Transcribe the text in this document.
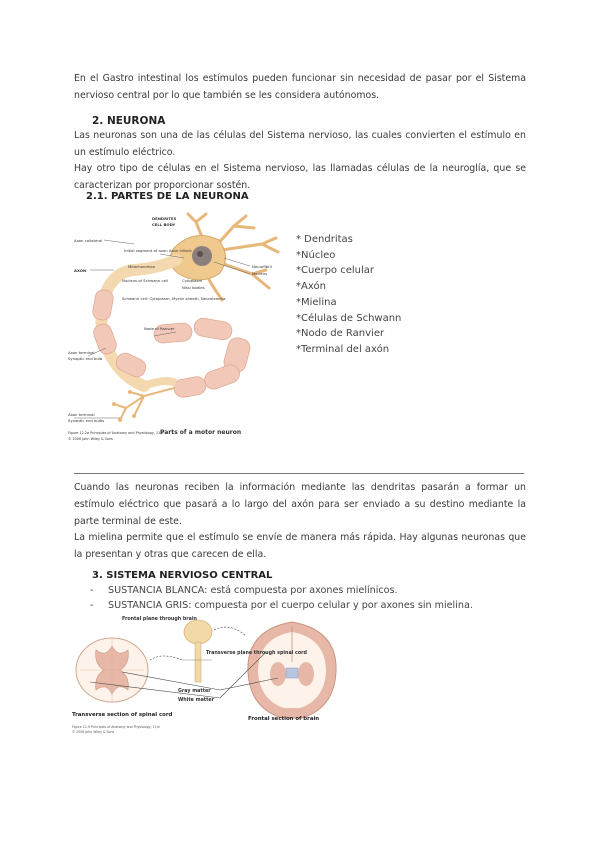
En el Gastro intestinal los estímulos pueden funcionar sin necesidad de pasar por el Sistema nervioso central por lo que también se les considera autónomos.

2. NEURONA

Las neuronas son una de las células del Sistema nervioso, las cuales convierten el estímulo en un estímulo eléctrico.

Hay otro tipo de células en el Sistema nervioso, las llamadas células de la neuroglía, que se caracterizan por proporcionar sostén.

2.1. PARTES DE LA NEURONA
DENDRITES
CELL BODY
Axon collateral
Initial segment of axon Axon hillock
Mitochondrion
AXON
Cytoplasm
Nissl bodies
Neurofibril
Nucleus
Nucleus of Schwann cell
Schwann cell: Cytoplasm, Myelin sheath, Neurolemma
Node of Ranvier
Axon terminal
Synaptic end bulb
Axon terminal
Synaptic end bulbs
Figure 12.2a Principles of Anatomy and Physiology, 11/e
© 2006 John Wiley & Sons
Parts of a motor neuron
* Dendritas
*Núcleo
*Cuerpo celular
*Axón
*Mielina
*Células de Schwann
*Nodo de Ranvier
*Terminal del axón

Cuando las neuronas reciben la información mediante las dendritas pasarán a formar un estímulo eléctrico que pasará a lo largo del axón para ser enviado a su destino mediante la parte terminal de este.

La mielina permite que el estímulo se envíe de manera más rápida. Hay algunas neuronas que la presentan y otras que carecen de ella.

3. SISTEMA NERVIOSO CENTRAL
-	SUSTANCIA BLANCA: está compuesta por axones mielínicos.
-	SUSTANCIA GRIS: compuesta por el cuerpo celular y por axones sin mielina.
Frontal plane through brain
Transverse plane through spinal cord
Gray matter
White matter
Transverse section of spinal cord
Frontal section of brain
Figure 12.9 Principles of Anatomy and Physiology, 11/e
© 2006 John Wiley & Sons
